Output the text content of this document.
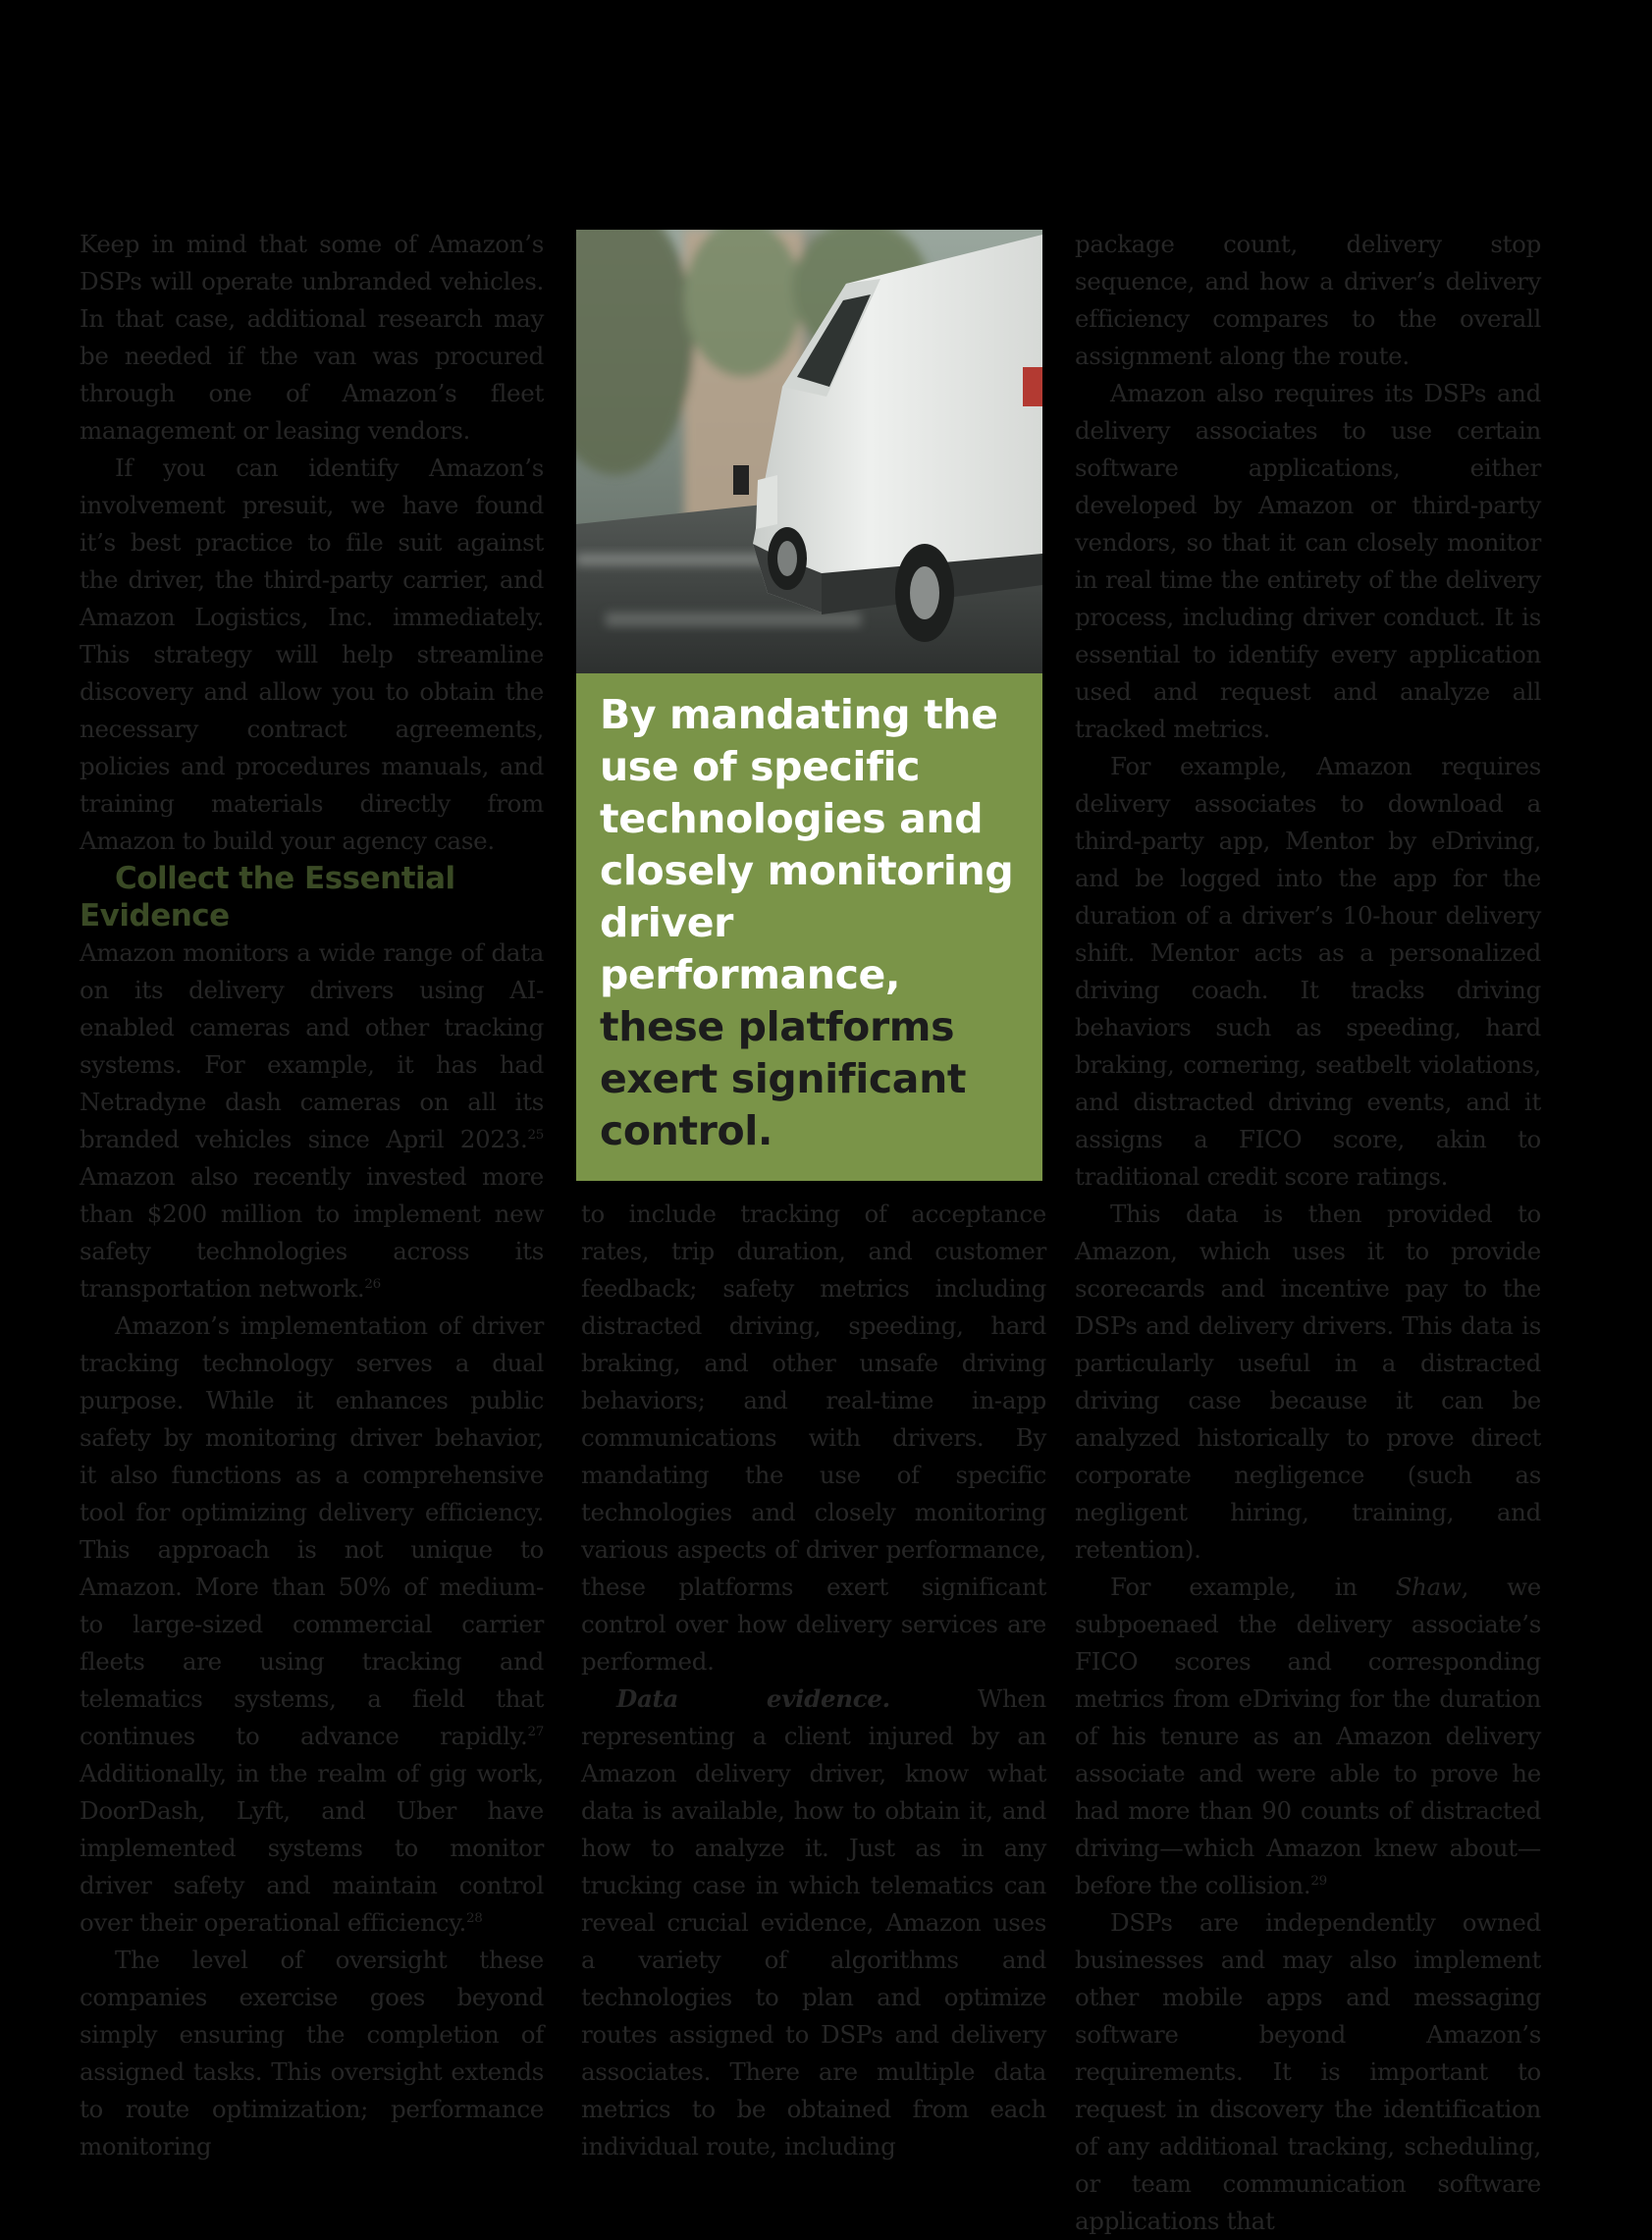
Keep in mind that some of Amazon’s DSPs will operate unbranded vehicles. In that case, additional research may be needed if the van was procured through one of Amazon’s fleet management or leasing vendors.

If you can identify Amazon’s involvement presuit, we have found it’s best practice to file suit against the driver, the third-party carrier, and Amazon Logistics, Inc. immediately. This strategy will help streamline discovery and allow you to obtain the necessary contract agreements, policies and procedures manuals, and training materials directly from Amazon to build your agency case.

Collect the Essential Evidence

Amazon monitors a wide range of data on its delivery drivers using AI-enabled cameras and other tracking systems. For example, it has had Netradyne dash cameras on all its branded vehicles since April 2023.25 Amazon also recently invested more than $200 million to implement new safety technologies across its transportation network.$^{26}$

Amazon’s implementation of driver tracking technology serves a dual purpose. While it enhances public safety by monitoring driver behavior, it also functions as a comprehensive tool for optimizing delivery efficiency. This approach is not unique to Amazon. More than 50% of medium- to large-sized commercial carrier fleets are using tracking and telematics systems, a field that continues to advance rapidly.$^{27}$ Additionally, in the realm of gig work, DoorDash, Lyft, and Uber have implemented systems to monitor driver safety and maintain control over their operational efficiency.$^{28}$

The level of oversight these companies exercise goes beyond simply ensuring the completion of assigned tasks. This oversight extends to route optimization; performance monitoring

By mandating the use of specific technologies and closely monitoring driver performance, these platforms exert significant control.

to include tracking of acceptance rates, trip duration, and customer feedback; safety metrics including distracted driving, speeding, hard braking, and other unsafe driving behaviors; and real-time in-app communications with drivers. By mandating the use of specific technologies and closely monitoring various aspects of driver performance, these platforms exert significant control over how delivery services are performed.

Data evidence. When representing a client injured by an Amazon delivery driver, know what data is available, how to obtain it, and how to analyze it. Just as in any trucking case in which telematics can reveal crucial evidence, Amazon uses a variety of algorithms and technologies to plan and optimize routes assigned to DSPs and delivery associates. There are multiple data metrics to be obtained from each individual route, including

package count, delivery stop sequence, and how a driver’s delivery efficiency compares to the overall assignment along the route.

Amazon also requires its DSPs and delivery associates to use certain software applications, either developed by Amazon or third-party vendors, so that it can closely monitor in real time the entirety of the delivery process, including driver conduct. It is essential to identify every application used and request and analyze all tracked metrics.

For example, Amazon requires delivery associates to download a third-party app, Mentor by eDriving, and be logged into the app for the duration of a driver’s 10-hour delivery shift. Mentor acts as a personalized driving coach. It tracks driving behaviors such as speeding, hard braking, cornering, seatbelt violations, and distracted driving events, and it assigns a FICO score, akin to traditional credit score ratings.

This data is then provided to Amazon, which uses it to provide scorecards and incentive pay to the DSPs and delivery drivers. This data is particularly useful in a distracted driving case because it can be analyzed historically to prove direct corporate negligence (such as negligent hiring, training, and retention).

For example, in Shaw, we subpoenaed the delivery associate’s FICO scores and corresponding metrics from eDriving for the duration of his tenure as an Amazon delivery associate and were able to prove he had more than 90 counts of distracted driving—which Amazon knew about—before the collision.$^{29}$

DSPs are independently owned businesses and may also implement other mobile apps and messaging software beyond Amazon’s requirements. It is important to request in discovery the identification of any additional tracking, scheduling, or team communication software applications that
